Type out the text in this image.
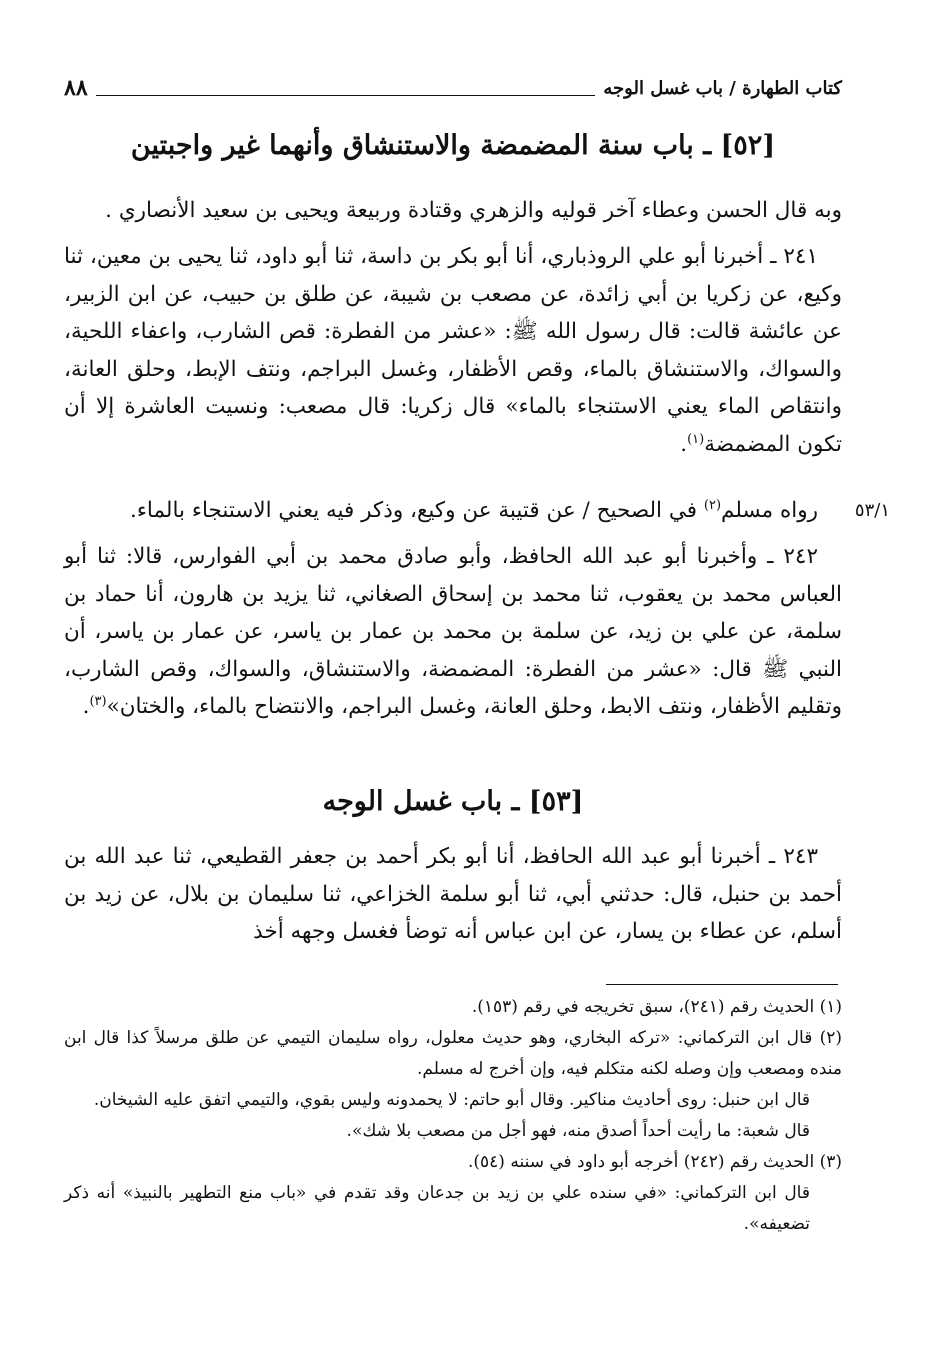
كتاب الطهارة / باب غسل الوجه
٨٨
[٥٢] ـ باب سنة المضمضة والاستنشاق وأنهما غير واجبتين
وبه قال الحسن وعطاء آخر قوليه والزهري وقتادة وربيعة ويحيى بن سعيد الأنصاري .
٢٤١ ـ أخبرنا أبو علي الروذباري، أنا أبو بكر بن داسة، ثنا أبو داود، ثنا يحيى بن معين، ثنا وكيع، عن زكريا بن أبي زائدة، عن مصعب بن شيبة، عن طلق بن حبيب، عن ابن الزبير، عن عائشة قالت: قال رسول الله ﷺ: «عشر من الفطرة: قص الشارب، واعفاء اللحية، والسواك، والاستنشاق بالماء، وقص الأظفار، وغسل البراجم، ونتف الإبط، وحلق العانة، وانتقاص الماء يعني الاستنجاء بالماء» قال زكريا: قال مصعب: ونسيت العاشرة إلا أن تكون المضمضة$^{(١)}$.
٥٣/١
رواه مسلم$^{(٢)}$ في الصحيح / عن قتيبة عن وكيع، وذكر فيه يعني الاستنجاء بالماء.
٢٤٢ ـ وأخبرنا أبو عبد الله الحافظ، وأبو صادق محمد بن أبي الفوارس، قالا: ثنا أبو العباس محمد بن يعقوب، ثنا محمد بن إسحاق الصغاني، ثنا يزيد بن هارون، أنا حماد بن سلمة، عن علي بن زيد، عن سلمة بن محمد بن عمار بن ياسر، عن عمار بن ياسر، أن النبي ﷺ قال: «عشر من الفطرة: المضمضة، والاستنشاق، والسواك، وقص الشارب، وتقليم الأظفار، ونتف الابط، وحلق العانة، وغسل البراجم، والانتضاح بالماء، والختان»$^{(٣)}$.
[٥٣] ـ باب غسل الوجه
٢٤٣ ـ أخبرنا أبو عبد الله الحافظ، أنا أبو بكر أحمد بن جعفر القطيعي، ثنا عبد الله بن أحمد بن حنبل، قال: حدثني أبي، ثنا أبو سلمة الخزاعي، ثنا سليمان بن بلال، عن زيد بن أسلم، عن عطاء بن يسار، عن ابن عباس أنه توضأ فغسل وجهه أخذ

(١) الحديث رقم (٢٤١)، سبق تخريجه في رقم (١٥٣).

(٢) قال ابن التركماني: «تركه البخاري، وهو حديث معلول، رواه سليمان التيمي عن طلق مرسلاً كذا قال ابن منده ومصعب وإن وصله لكنه متكلم فيه، وإن أخرج له مسلم.

قال ابن حنبل: روى أحاديث مناكير. وقال أبو حاتم: لا يحمدونه وليس بقوي، والتيمي اتفق عليه الشيخان.

قال شعبة: ما رأيت أحداً أصدق منه، فهو أجل من مصعب بلا شك».

(٣) الحديث رقم (٢٤٢) أخرجه أبو داود في سننه (٥٤).

قال ابن التركماني: «في سنده علي بن زيد بن جدعان وقد تقدم في «باب منع التطهير بالنبيذ» أنه ذكر تضعيفه».
